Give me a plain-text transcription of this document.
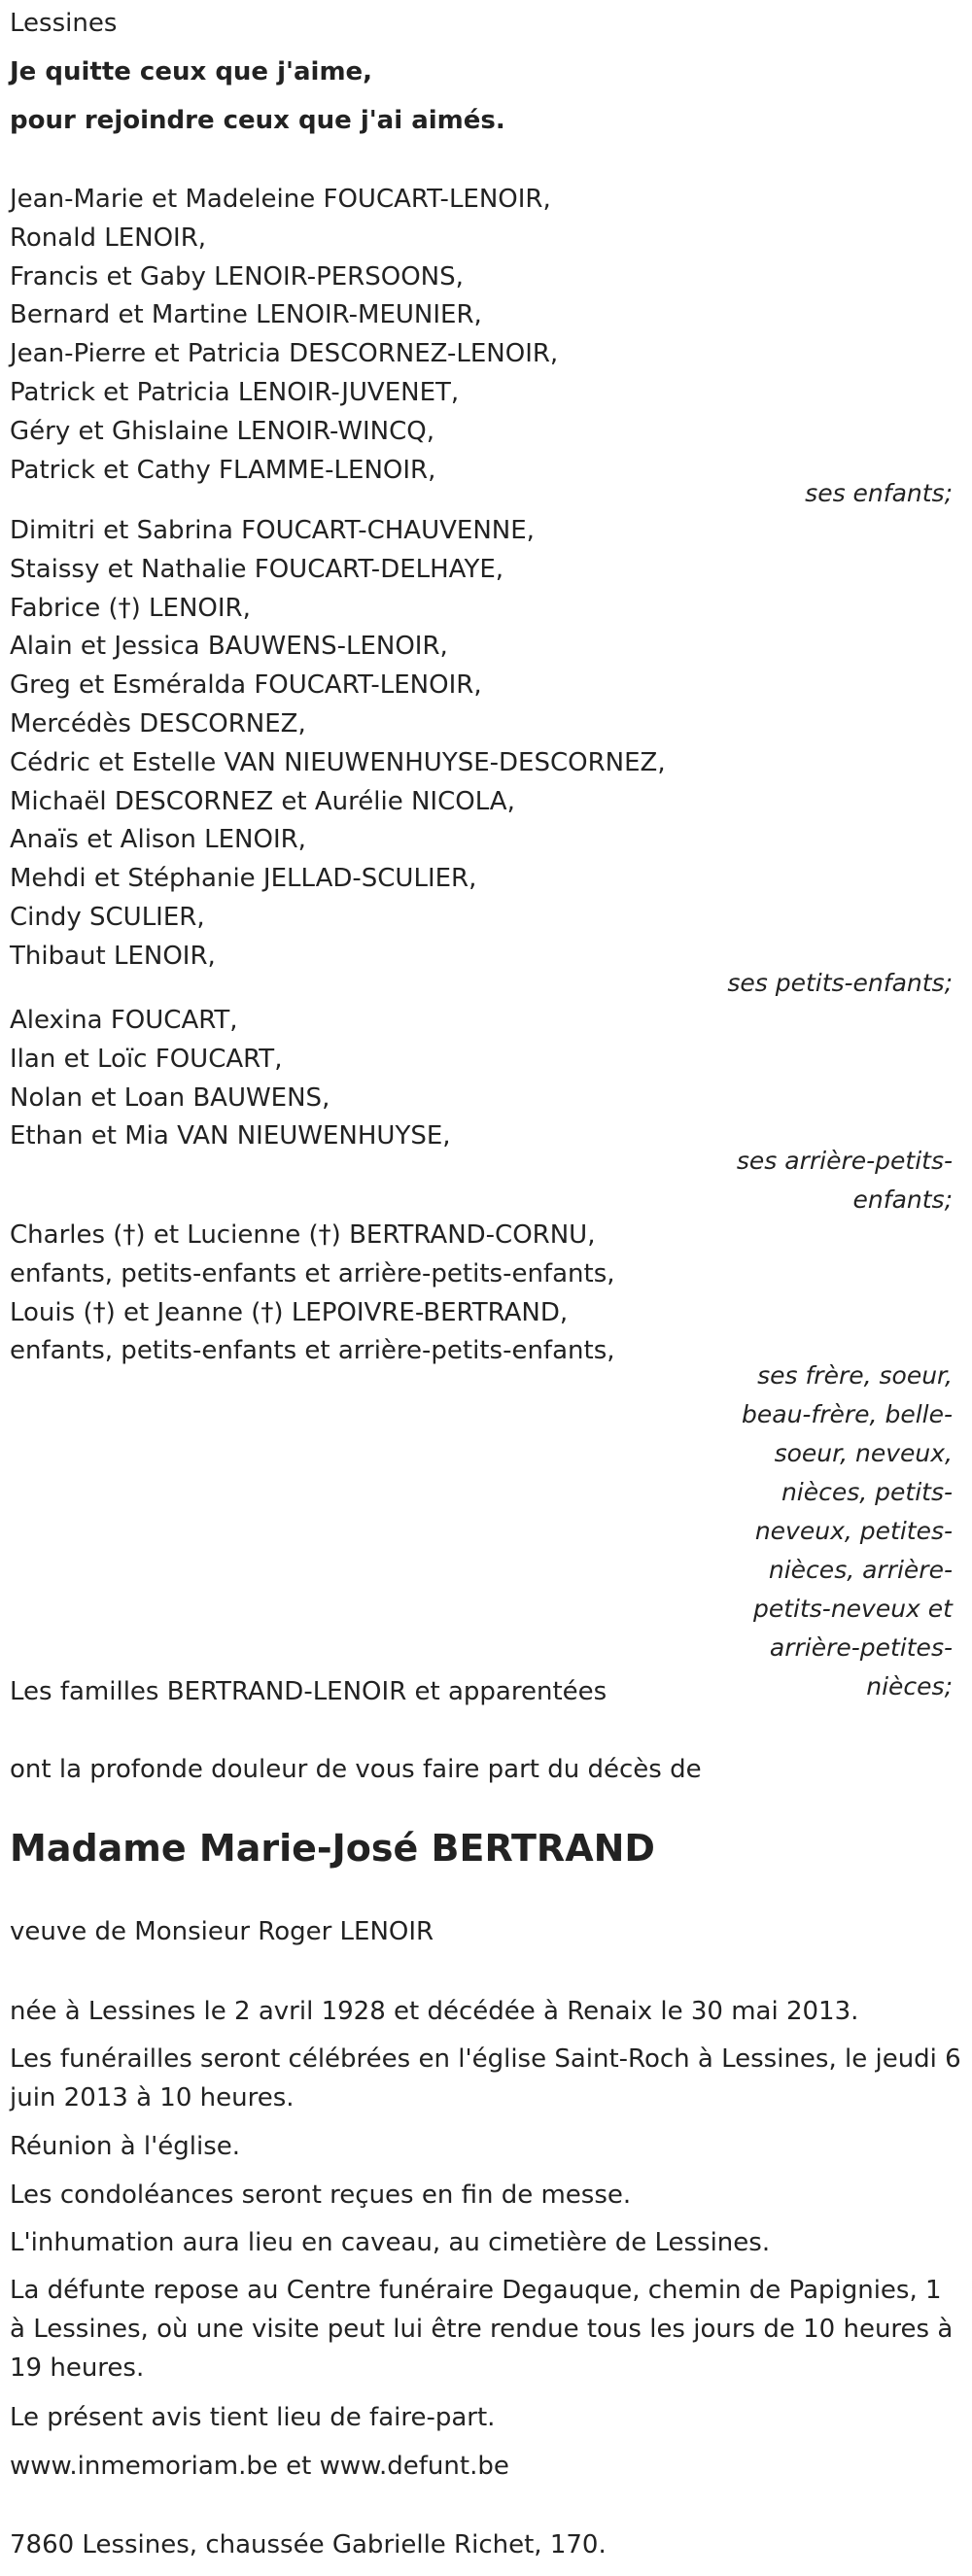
Lessines
Je quitte ceux que j'aime,
pour rejoindre ceux que j'ai aimés.
Jean-Marie et Madeleine FOUCART-LENOIR,
Ronald LENOIR,
Francis et Gaby LENOIR-PERSOONS,
Bernard et Martine LENOIR-MEUNIER,
Jean-Pierre et Patricia DESCORNEZ-LENOIR,
Patrick et Patricia LENOIR-JUVENET,
Géry et Ghislaine LENOIR-WINCQ,
Patrick et Cathy FLAMME-LENOIR,
ses enfants;
Dimitri et Sabrina FOUCART-CHAUVENNE,
Staissy et Nathalie FOUCART-DELHAYE,
Fabrice (†) LENOIR,
Alain et Jessica BAUWENS-LENOIR,
Greg et Esméralda FOUCART-LENOIR,
Mercédès DESCORNEZ,
Cédric et Estelle VAN NIEUWENHUYSE-DESCORNEZ,
Michaël DESCORNEZ et Aurélie NICOLA,
Anaïs et Alison LENOIR,
Mehdi et Stéphanie JELLAD-SCULIER,
Cindy SCULIER,
Thibaut LENOIR,
ses petits-enfants;
Alexina FOUCART,
Ilan et Loïc FOUCART,
Nolan et Loan BAUWENS,
Ethan et Mia VAN NIEUWENHUYSE,
ses arrière-petits-enfants;
Charles (†) et Lucienne (†) BERTRAND-CORNU,
enfants, petits-enfants et arrière-petits-enfants,
Louis (†) et Jeanne (†) LEPOIVRE-BERTRAND,
enfants, petits-enfants et arrière-petits-enfants,
ses frère, soeur, beau-frère, belle-soeur, neveux, nièces, petits-neveux, petites-nièces, arrière-petits-neveux et arrière-petites-nièces;
Les familles BERTRAND-LENOIR et apparentées
ont la profonde douleur de vous faire part du décès de
Madame Marie-José BERTRAND
veuve de Monsieur Roger LENOIR
née à Lessines le 2 avril 1928 et décédée à Renaix le 30 mai 2013.
Les funérailles seront célébrées en l'église Saint-Roch à Lessines, le jeudi 6 juin 2013 à 10 heures.
Réunion à l'église.
Les condoléances seront reçues en fin de messe.
L'inhumation aura lieu en caveau, au cimetière de Lessines.
La défunte repose au Centre funéraire Degauque, chemin de Papignies, 1 à Lessines, où une visite peut lui être rendue tous les jours de 10 heures à 19 heures.
Le présent avis tient lieu de faire-part.
www.inmemoriam.be et www.defunt.be
7860 Lessines, chaussée Gabrielle Richet, 170.
